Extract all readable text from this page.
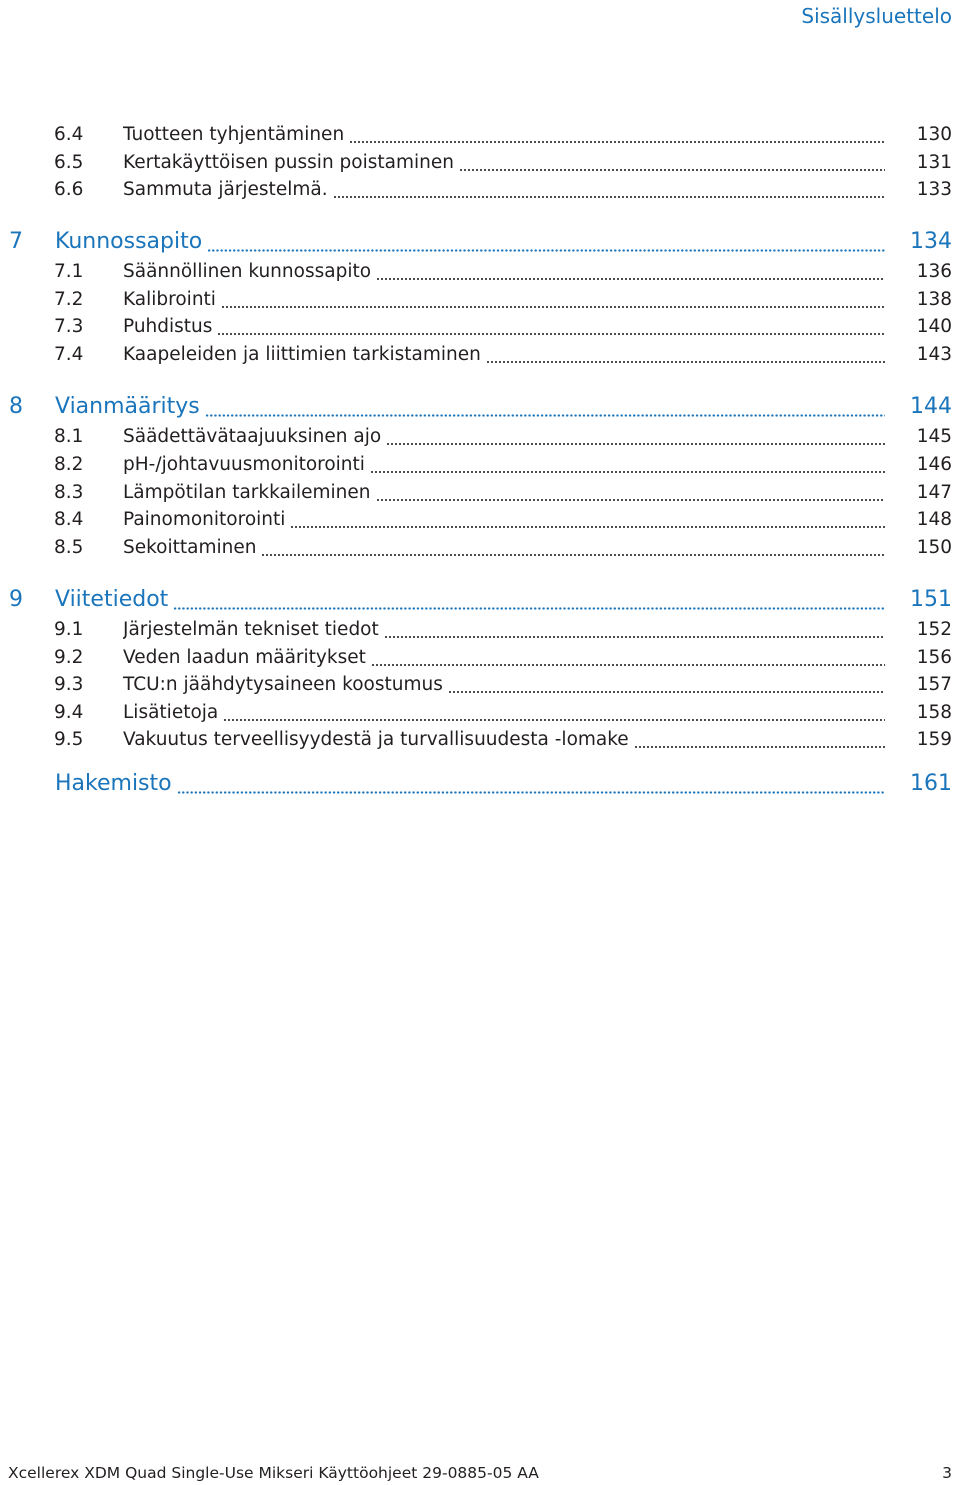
Sisällysluettelo
6.4 Tuotteen tyhjentäminen	130
6.5 Kertakäyttöisen pussin poistaminen	131
6.6 Sammuta järjestelmä.	133
7 Kunnossapito	134
7.1 Säännöllinen kunnossapito	136
7.2 Kalibrointi	138
7.3 Puhdistus	140
7.4 Kaapeleiden ja liittimien tarkistaminen	143
8 Vianmääritys	144
8.1 Säädettävätaajuuksinen ajo	145
8.2 pH-/johtavuusmonitorointi	146
8.3 Lämpötilan tarkkaileminen	147
8.4 Painomonitorointi	148
8.5 Sekoittaminen	150
9 Viitetiedot	151
9.1 Järjestelmän tekniset tiedot	152
9.2 Veden laadun määritykset	156
9.3 TCU:n jäähdytysaineen koostumus	157
9.4 Lisätietoja	158
9.5 Vakuutus terveellisyydestä ja turvallisuudesta -lomake	159
Hakemisto	161
Xcellerex XDM Quad Single-Use Mikseri Käyttöohjeet 29-0885-05 AA	3
